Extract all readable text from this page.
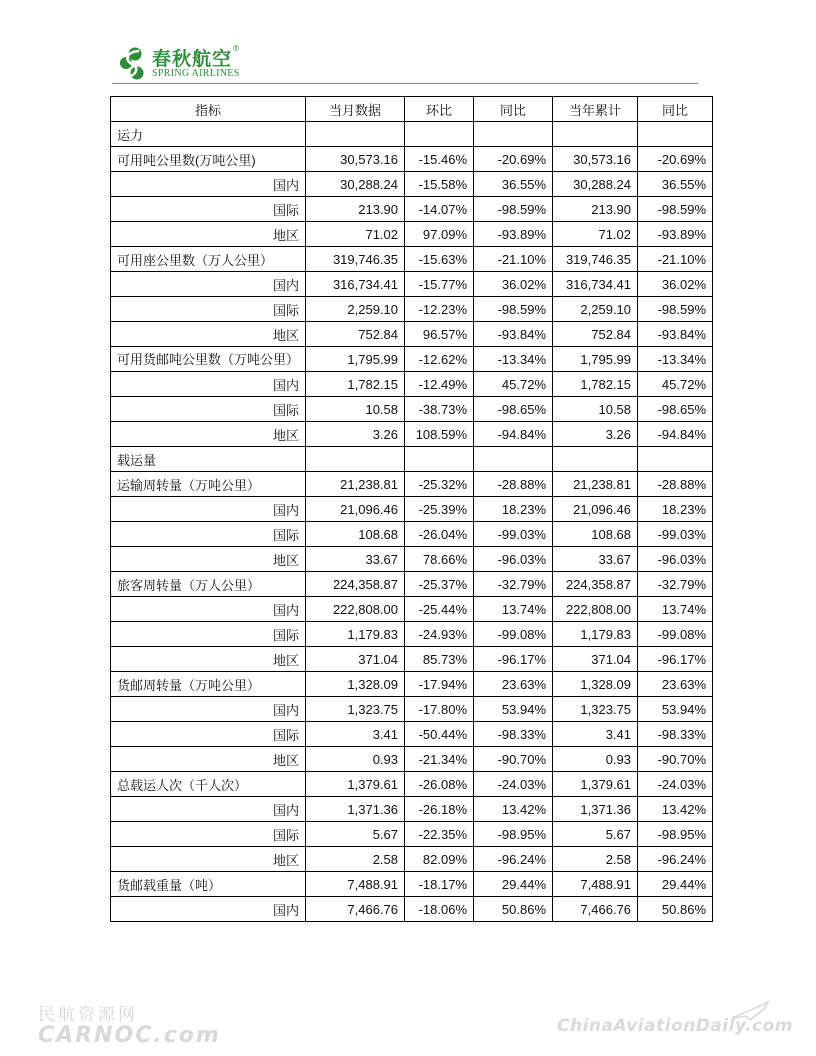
春秋航空®
SPRING AIRLINES
指标	当月数据	环比	同比	当年累计	同比
运力					
可用吨公里数(万吨公里)	30,573.16	-15.46%	-20.69%	30,573.16	-20.69%
国内	30,288.24	-15.58%	36.55%	30,288.24	36.55%
国际	213.90	-14.07%	-98.59%	213.90	-98.59%
地区	71.02	97.09%	-93.89%	71.02	-93.89%
可用座公里数（万人公里）	319,746.35	-15.63%	-21.10%	319,746.35	-21.10%
国内	316,734.41	-15.77%	36.02%	316,734.41	36.02%
国际	2,259.10	-12.23%	-98.59%	2,259.10	-98.59%
地区	752.84	96.57%	-93.84%	752.84	-93.84%
可用货邮吨公里数（万吨公里）	1,795.99	-12.62%	-13.34%	1,795.99	-13.34%
国内	1,782.15	-12.49%	45.72%	1,782.15	45.72%
国际	10.58	-38.73%	-98.65%	10.58	-98.65%
地区	3.26	108.59%	-94.84%	3.26	-94.84%
载运量					
运输周转量（万吨公里）	21,238.81	-25.32%	-28.88%	21,238.81	-28.88%
国内	21,096.46	-25.39%	18.23%	21,096.46	18.23%
国际	108.68	-26.04%	-99.03%	108.68	-99.03%
地区	33.67	78.66%	-96.03%	33.67	-96.03%
旅客周转量（万人公里）	224,358.87	-25.37%	-32.79%	224,358.87	-32.79%
国内	222,808.00	-25.44%	13.74%	222,808.00	13.74%
国际	1,179.83	-24.93%	-99.08%	1,179.83	-99.08%
地区	371.04	85.73%	-96.17%	371.04	-96.17%
货邮周转量（万吨公里）	1,328.09	-17.94%	23.63%	1,328.09	23.63%
国内	1,323.75	-17.80%	53.94%	1,323.75	53.94%
国际	3.41	-50.44%	-98.33%	3.41	-98.33%
地区	0.93	-21.34%	-90.70%	0.93	-90.70%
总载运人次（千人次）	1,379.61	-26.08%	-24.03%	1,379.61	-24.03%
国内	1,371.36	-26.18%	13.42%	1,371.36	13.42%
国际	5.67	-22.35%	-98.95%	5.67	-98.95%
地区	2.58	82.09%	-96.24%	2.58	-96.24%
货邮载重量（吨）	7,488.91	-18.17%	29.44%	7,488.91	29.44%
国内	7,466.76	-18.06%	50.86%	7,466.76	50.86%
民航资源网
CARNOC.com	ChinaAviationDaily.com
